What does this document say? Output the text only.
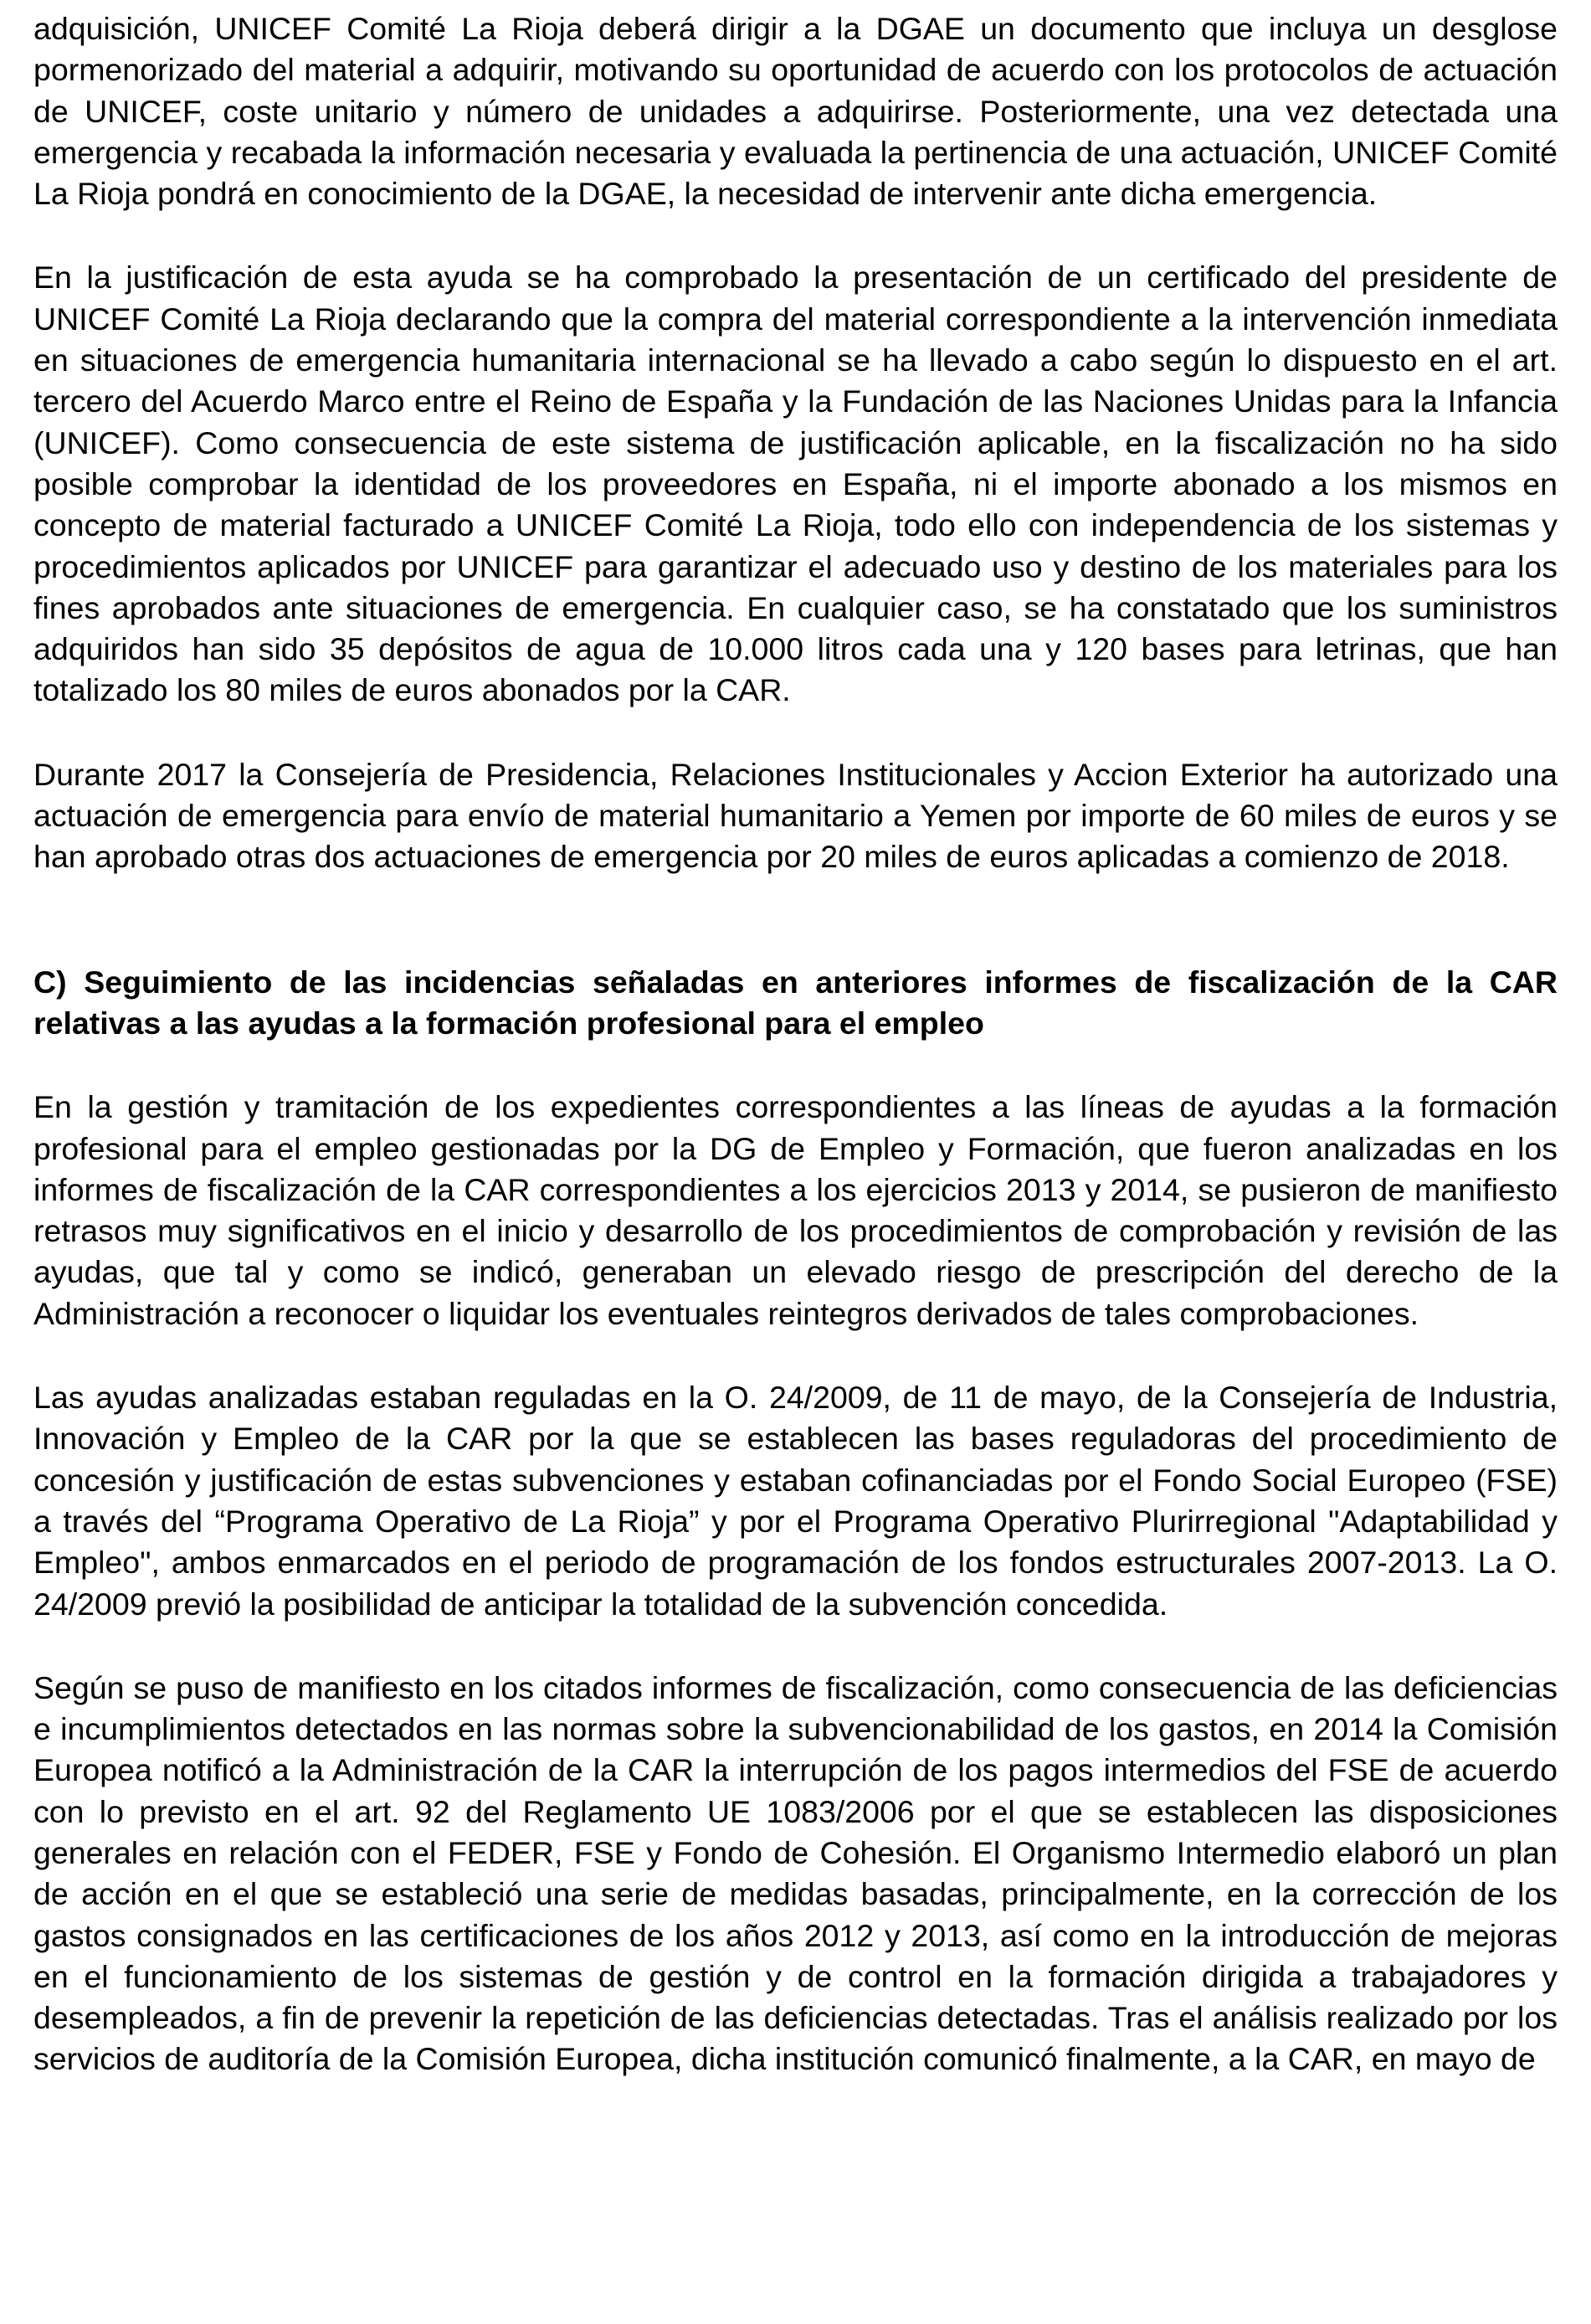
adquisición, UNICEF Comité La Rioja deberá dirigir a la DGAE un documento que incluya un desglose pormenorizado del material a adquirir, motivando su oportunidad de acuerdo con los protocolos de actuación de UNICEF, coste unitario y número de unidades a adquirirse. Posteriormente, una vez detectada una emergencia y recabada la información necesaria y evaluada la pertinencia de una actuación, UNICEF Comité La Rioja pondrá en conocimiento de la DGAE, la necesidad de intervenir ante dicha emergencia.

En la justificación de esta ayuda se ha comprobado la presentación de un certificado del presidente de UNICEF Comité La Rioja declarando que la compra del material correspondiente a la intervención inmediata en situaciones de emergencia humanitaria internacional se ha llevado a cabo según lo dispuesto en el art. tercero del Acuerdo Marco entre el Reino de España y la Fundación de las Naciones Unidas para la Infancia (UNICEF). Como consecuencia de este sistema de justificación aplicable, en la fiscalización no ha sido posible comprobar la identidad de los proveedores en España, ni el importe abonado a los mismos en concepto de material facturado a UNICEF Comité La Rioja, todo ello con independencia de los sistemas y procedimientos aplicados por UNICEF para garantizar el adecuado uso y destino de los materiales para los fines aprobados ante situaciones de emergencia. En cualquier caso, se ha constatado que los suministros adquiridos han sido 35 depósitos de agua de 10.000 litros cada una y 120 bases para letrinas, que han totalizado los 80 miles de euros abonados por la CAR.

Durante 2017 la Consejería de Presidencia, Relaciones Institucionales y Accion Exterior ha autorizado una actuación de emergencia para envío de material humanitario a Yemen por importe de 60 miles de euros y se han aprobado otras dos actuaciones de emergencia por 20 miles de euros aplicadas a comienzo de 2018.

C) Seguimiento de las incidencias señaladas en anteriores informes de fiscalización de la CAR relativas a las ayudas a la formación profesional para el empleo

En la gestión y tramitación de los expedientes correspondientes a las líneas de ayudas a la formación profesional para el empleo gestionadas por la DG de Empleo y Formación, que fueron analizadas en los informes de fiscalización de la CAR correspondientes a los ejercicios 2013 y 2014, se pusieron de manifiesto retrasos muy significativos en el inicio y desarrollo de los procedimientos de comprobación y revisión de las ayudas, que tal y como se indicó, generaban un elevado riesgo de prescripción del derecho de la Administración a reconocer o liquidar los eventuales reintegros derivados de tales comprobaciones.

Las ayudas analizadas estaban reguladas en la O. 24/2009, de 11 de mayo, de la Consejería de Industria, Innovación y Empleo de la CAR por la que se establecen las bases reguladoras del procedimiento de concesión y justificación de estas subvenciones y estaban cofinanciadas por el Fondo Social Europeo (FSE) a través del “Programa Operativo de La Rioja” y por el Programa Operativo Plurirregional "Adaptabilidad y Empleo", ambos enmarcados en el periodo de programación de los fondos estructurales 2007-2013. La O. 24/2009 previó la posibilidad de anticipar la totalidad de la subvención concedida.

Según se puso de manifiesto en los citados informes de fiscalización, como consecuencia de las deficiencias e incumplimientos detectados en las normas sobre la subvencionabilidad de los gastos, en 2014 la Comisión Europea notificó a la Administración de la CAR la interrupción de los pagos intermedios del FSE de acuerdo con lo previsto en el art. 92 del Reglamento UE 1083/2006 por el que se establecen las disposiciones generales en relación con el FEDER, FSE y Fondo de Cohesión. El Organismo Intermedio elaboró un plan de acción en el que se estableció una serie de medidas basadas, principalmente, en la corrección de los gastos consignados en las certificaciones de los años 2012 y 2013, así como en la introducción de mejoras en el funcionamiento de los sistemas de gestión y de control en la formación dirigida a trabajadores y desempleados, a fin de prevenir la repetición de las deficiencias detectadas. Tras el análisis realizado por los servicios de auditoría de la Comisión Europea, dicha institución comunicó finalmente, a la CAR, en mayo de
